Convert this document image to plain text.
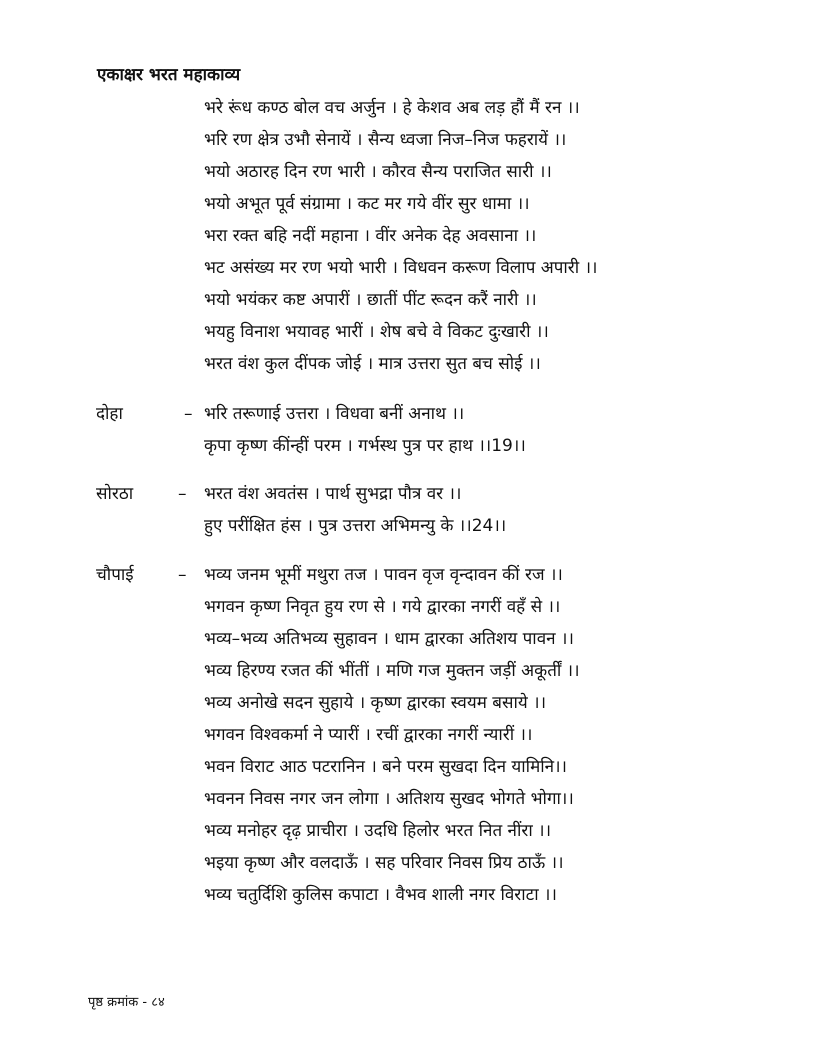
एकाक्षर भरत महाकाव्य
भरे रूंध कण्ठ बोल वच अर्जुन । हे केशव अब लड़ हौं मैं रन ।।
भरि रण क्षेत्र उभौ सेनायें । सैन्य ध्वजा निज–निज फहरायें ।।
भयो अठारह दिन रण भारी । कौरव सैन्य पराजित सारी ।।
भयो अभूत पूर्व संग्रामा । कट मर गये वींर सुर धामा ।।
भरा रक्त बहि नदीं महाना । वींर अनेक देह अवसाना ।।
भट असंख्य मर रण भयो भारी । विधवन करूण विलाप अपारी ।।
भयो भयंकर कष्ट अपारीं । छातीं पींट रूदन करैं नारी ।।
भयहु विनाश भयावह भारीं । शेष बचे वे विकट दुःखारी ।।
भरत वंश कुल दींपक जोई । मात्र उत्तरा सुत बच सोई ।।
दोहा	– भरि तरूणाई उत्तरा । विधवा बनीं अनाथ ।।
कृपा कृष्ण कींन्हीं परम । गर्भस्थ पुत्र पर हाथ ।।19।।
सोरठा	– भरत वंश अवतंस । पार्थ सुभद्रा पौत्र वर ।।
हुए परींक्षित हंस । पुत्र उत्तरा अभिमन्यु के ।।24।।
चौपाई	– भव्य जनम भूमीं मथुरा तज । पावन वृज वृन्दावन कीं रज ।।
भगवन कृष्ण निवृत हुय रण से । गये द्वारका नगरीं वहँ से ।।
भव्य–भव्य अतिभव्य सुहावन । धाम द्वारका अतिशय पावन ।।
भव्य हिरण्य रजत कीं भींतीं । मणि गज मुक्तन जड़ीं अकूर्तीं ।।
भव्य अनोखे सदन सुहाये । कृष्ण द्वारका स्वयम बसाये ।।
भगवन विश्वकर्मा ने प्यारीं । रचीं द्वारका नगरीं न्यारीं ।।
भवन विराट आठ पटरानिन । बने परम सुखदा दिन यामिनि।।
भवनन निवस नगर जन लोगा । अतिशय सुखद भोगते भोगा।।
भव्य मनोहर दृढ़ प्राचीरा । उदधि हिलोर भरत नित नींरा ।।
भइया कृष्ण और वलदाऊँ । सह परिवार निवस प्रिय ठाऊँ ।।
भव्य चतुर्दिशि कुलिस कपाटा । वैभव शाली नगर विराटा ।।
पृष्ठ क्रमांक - ८४
